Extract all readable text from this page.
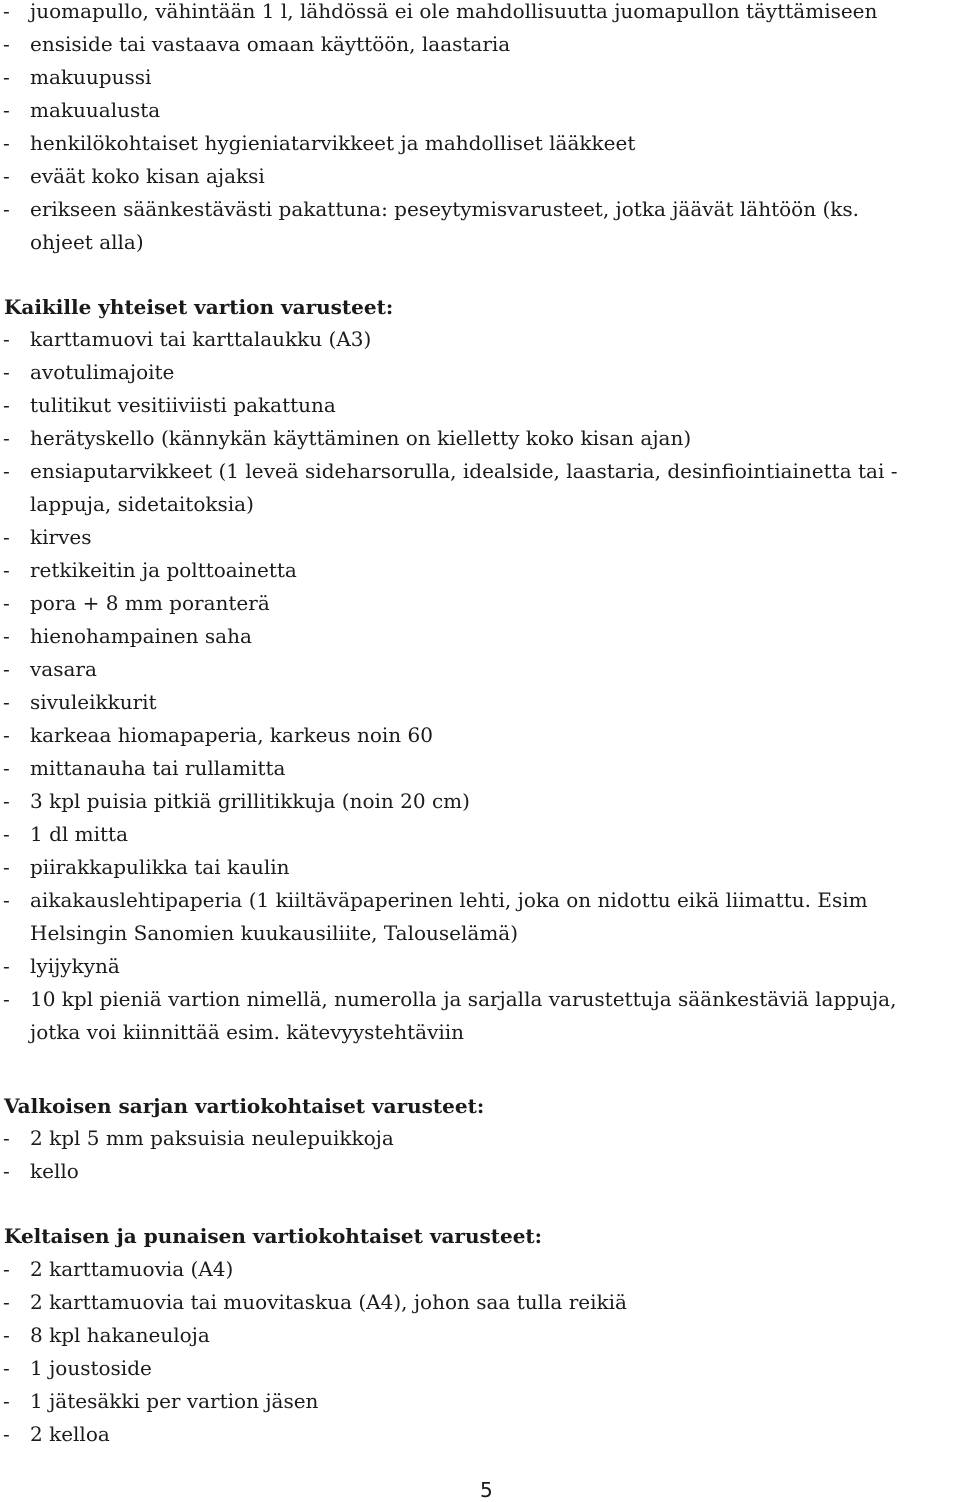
- juomapullo, vähintään 1 l, lähdössä ei ole mahdollisuutta juomapullon täyttämiseen
- ensiside tai vastaava omaan käyttöön, laastaria
- makuupussi
- makuualusta
- henkilökohtaiset hygieniatarvikkeet ja mahdolliset lääkkeet
- eväät koko kisan ajaksi
- erikseen säänkestävästi pakattuna: peseytymisvarusteet, jotka jäävät lähtöön (ks.
ohjeet alla)
Kaikille yhteiset vartion varusteet:
- karttamuovi tai karttalaukku (A3)
- avotulimajoite
- tulitikut vesitiiviisti pakattuna
- herätyskello (kännykän käyttäminen on kielletty koko kisan ajan)
- ensiaputarvikkeet (1 leveä sideharsorulla, idealside, laastaria, desinfiointiainetta tai -
lappuja, sidetaitoksia)
- kirves
- retkikeitin ja polttoainetta
- pora + 8 mm poranterä
- hienohampainen saha
- vasara
- sivuleikkurit
- karkeaa hiomapaperia, karkeus noin 60
- mittanauha tai rullamitta
- 3 kpl puisia pitkiä grillitikkuja (noin 20 cm)
- 1 dl mitta
- piirakkapulikka tai kaulin
- aikakauslehtipaperia (1 kiiltäväpaperinen lehti, joka on nidottu eikä liimattu. Esim
Helsingin Sanomien kuukausiliite, Talouselämä)
- lyijykynä
- 10 kpl pieniä vartion nimellä, numerolla ja sarjalla varustettuja säänkestäviä lappuja,
jotka voi kiinnittää esim. kätevyystehtäviin
Valkoisen sarjan vartiokohtaiset varusteet:
- 2 kpl 5 mm paksuisia neulepuikkoja
- kello
Keltaisen ja punaisen vartiokohtaiset varusteet:
- 2 karttamuovia (A4)
- 2 karttamuovia tai muovitaskua (A4), johon saa tulla reikiä
- 8 kpl hakaneuloja
- 1 joustoside
- 1 jätesäkki per vartion jäsen
- 2 kelloa
5
